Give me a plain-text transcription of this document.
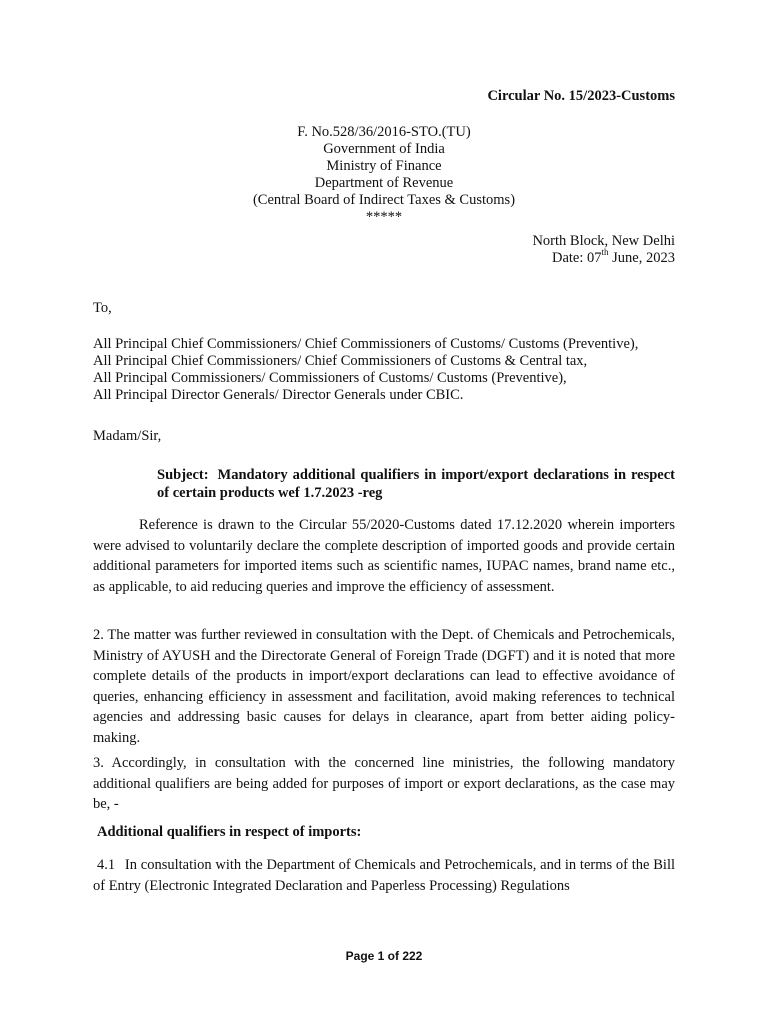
Circular No. 15/2023-Customs
F. No.528/36/2016-STO.(TU)
Government of India
Ministry of Finance
Department of Revenue
(Central Board of Indirect Taxes & Customs)
*****
North Block, New Delhi
Date: 07th June, 2023
To,
All Principal Chief Commissioners/ Chief Commissioners of Customs/ Customs (Preventive),
All Principal Chief Commissioners/ Chief Commissioners of Customs & Central tax,
All Principal Commissioners/ Commissioners of Customs/ Customs (Preventive),
All Principal Director Generals/ Director Generals under CBIC.
Madam/Sir,
Subject: Mandatory additional qualifiers in import/export declarations in respect of certain products wef 1.7.2023 -reg
Reference is drawn to the Circular 55/2020-Customs dated 17.12.2020 wherein importers were advised to voluntarily declare the complete description of imported goods and provide certain additional parameters for imported items such as scientific names, IUPAC names, brand name etc., as applicable, to aid reducing queries and improve the efficiency of assessment.
2. The matter was further reviewed in consultation with the Dept. of Chemicals and Petrochemicals, Ministry of AYUSH and the Directorate General of Foreign Trade (DGFT) and it is noted that more complete details of the products in import/export declarations can lead to effective avoidance of queries, enhancing efficiency in assessment and facilitation, avoid making references to technical agencies and addressing basic causes for delays in clearance, apart from better aiding policy-making.
3. Accordingly, in consultation with the concerned line ministries, the following mandatory additional qualifiers are being added for purposes of import or export declarations, as the case may be, -
Additional qualifiers in respect of imports:
4.1 In consultation with the Department of Chemicals and Petrochemicals, and in terms of the Bill of Entry (Electronic Integrated Declaration and Paperless Processing) Regulations
Page 1 of 222
